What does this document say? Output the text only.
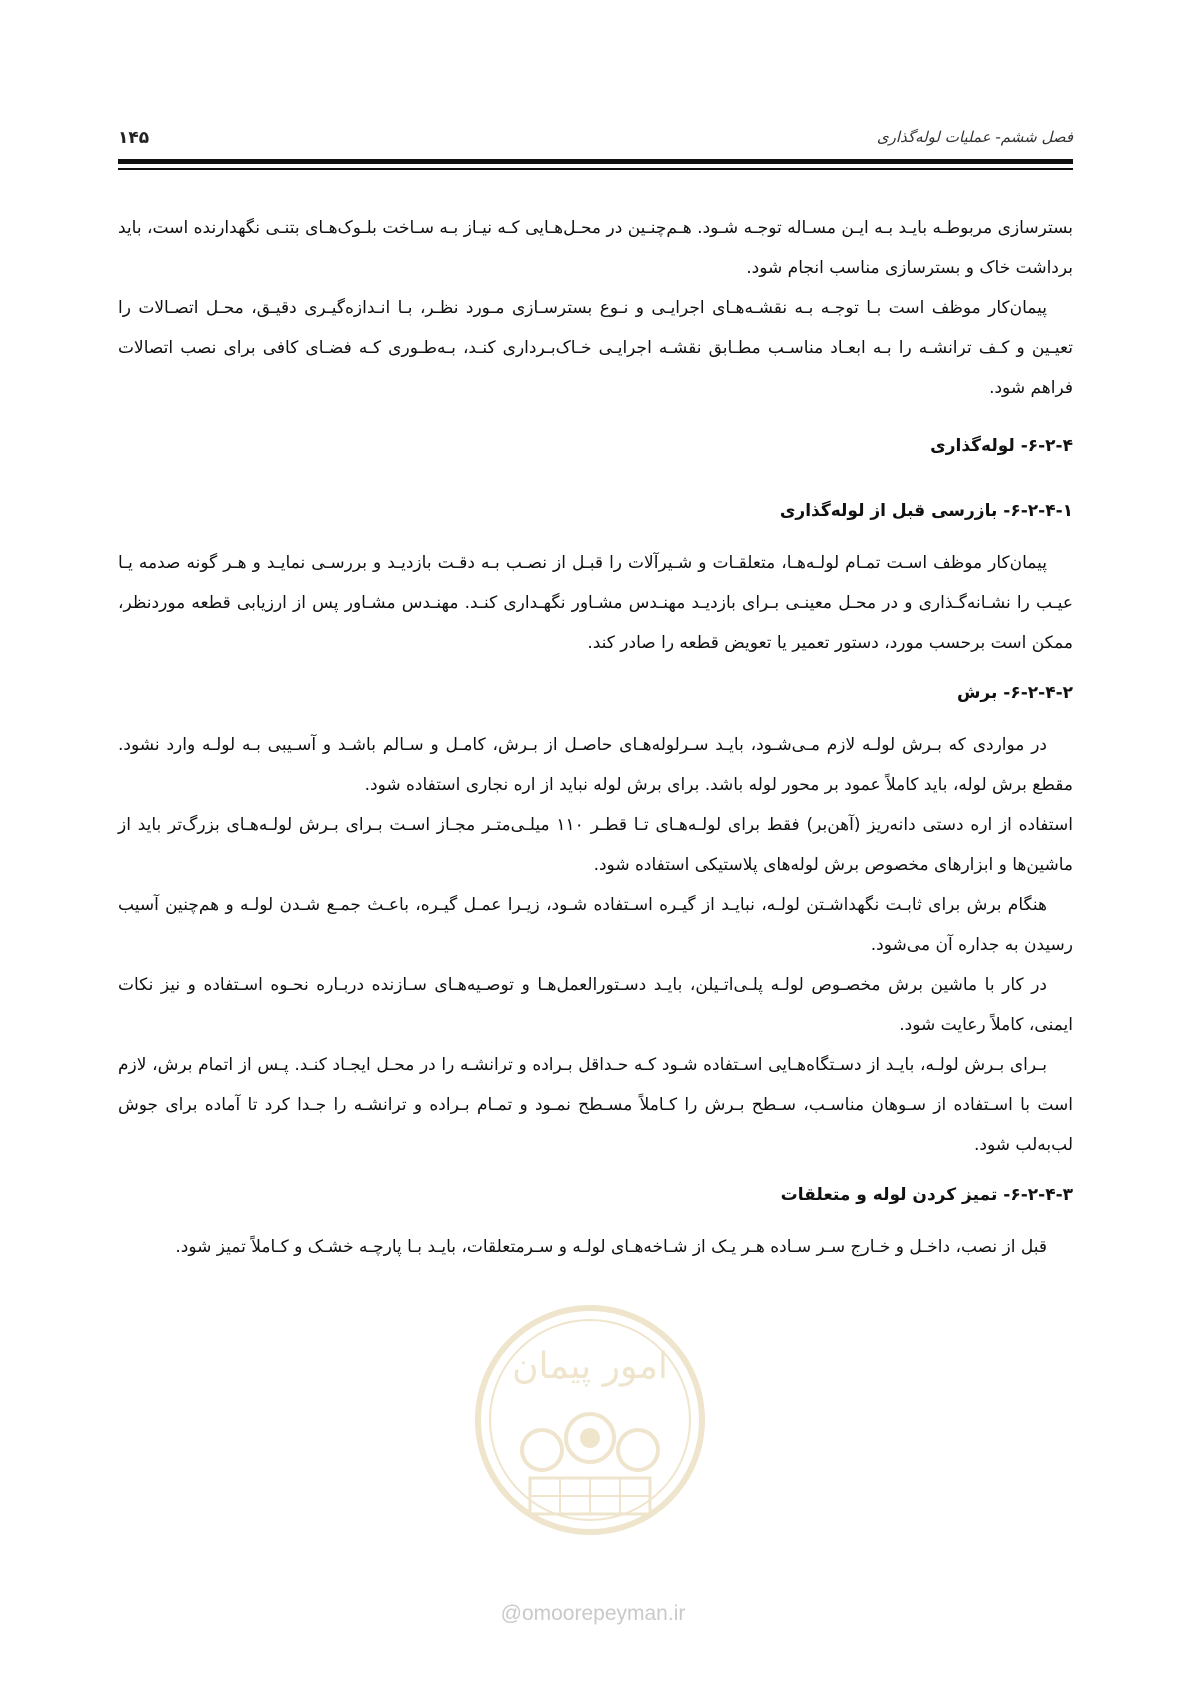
فصل ششم- عملیات لوله‌گذاری
۱۴۵

بسترسازی مربوطـه بایـد بـه ایـن مسـاله توجـه شـود. هـم‌چنـین در محـل‌هـایی کـه نیـاز بـه سـاخت بلـوک‌هـای بتنـی نگهدارنده است، باید برداشت خاک و بسترسازی مناسب انجام شود.

پیمان‌کار موظف است بـا توجـه بـه نقشـه‌هـای اجرایـی و نـوع بسترسـازی مـورد نظـر، بـا انـدازه‌گیـری دقیـق، محـل اتصـالات را تعیـین و کـف ترانشـه را بـه ابعـاد مناسـب مطـابق نقشـه اجرایـی خـاک‌بـرداری کنـد، بـه‌طـوری کـه فضـای کافی برای نصب اتصالات فراهم شود.

۶-۲-۴- لوله‌گذاری
۶-۲-۴-۱- بازرسی قبل از لوله‌گذاری

پیمان‌کار موظف اسـت تمـام لولـه‌هـا، متعلقـات و شـیرآلات را قبـل از نصـب بـه دقـت بازدیـد و بررسـی نمایـد و هـر گونه صدمه یـا عیـب را نشـانه‌گـذاری و در محـل معینـی بـرای بازدیـد مهنـدس مشـاور نگهـداری کنـد. مهنـدس مشـاور پس از ارزیابی قطعه موردنظر، ممکن است برحسب مورد، دستور تعمیر یا تعویض قطعه را صادر کند.

۶-۲-۴-۲- برش

در مواردی که بـرش لولـه لازم مـی‌شـود، بایـد سـرلوله‌هـای حاصـل از بـرش، کامـل و سـالم باشـد و آسـیبی بـه لولـه وارد نشود. مقطع برش لوله، باید کاملاً عمود بر محور لوله باشد. برای برش لوله نباید از اره نجاری استفاده شود.

استفاده از اره دستی دانه‌ریز (آهن‌بر) فقط برای لولـه‌هـای تـا قطـر ۱۱۰ میلـی‌متـر مجـاز اسـت بـرای بـرش لولـه‌هـای بزرگ‌تر باید از ماشین‌ها و ابزارهای مخصوص برش لوله‌های پلاستیکی استفاده شود.

هنگام برش برای ثابـت نگهداشـتن لولـه، نبایـد از گیـره اسـتفاده شـود، زیـرا عمـل گیـره، باعـث جمـع شـدن لولـه و هم‌چنین آسیب رسیدن به جداره آن می‌شود.

در کار با ماشین برش مخصـوص لولـه پلـی‌اتـیلن، بایـد دسـتورالعمل‌هـا و توصـیه‌هـای سـازنده دربـاره نحـوه اسـتفاده و نیز نکات ایمنی، کاملاً رعایت شود.

بـرای بـرش لولـه، بایـد از دسـتگاه‌هـایی اسـتفاده شـود کـه حـداقل بـراده و ترانشـه را در محـل ایجـاد کنـد. پـس از اتمام برش، لازم است با اسـتفاده از سـوهان مناسـب، سـطح بـرش را کـاملاً مسـطح نمـود و تمـام بـراده و ترانشـه را جـدا کرد تا آماده برای جوش لب‌به‌لب شود.

۶-۲-۴-۳- تمیز کردن لوله و متعلقات

قبل از نصب، داخـل و خـارج سـر سـاده هـر یـک از شـاخه‌هـای لولـه و سـرمتعلقات، بایـد بـا پارچـه خشـک و کـاملاً تمیز شود.

امور پیمان
@omoorepeyman.ir
